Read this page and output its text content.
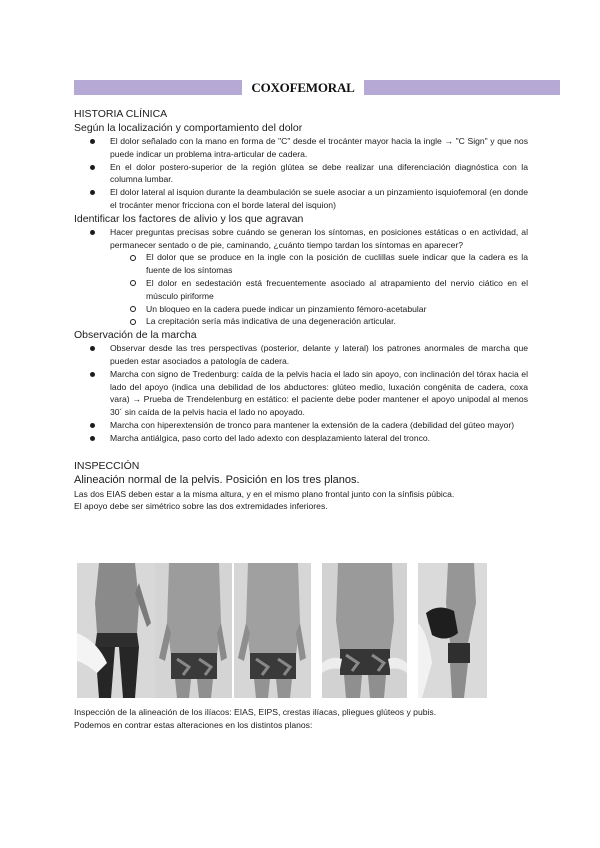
COXOFEMORAL
HISTORIA CLÍNICA
Según la localización y comportamiento del dolor
El dolor señalado con la mano en forma de "C" desde el trocánter mayor hacia la ingle → "C Sign" y que nos puede indicar un problema intra-articular de cadera.
En el dolor postero-superior de la región glútea se debe realizar una diferenciación diagnóstica con la columna lumbar.
El dolor lateral al isquion durante la deambulación se suele asociar a un pinzamiento isquiofemoral (en donde el trocánter menor fricciona con el borde lateral del isquion)
Identificar los factores de alivio y los que agravan
Hacer preguntas precisas sobre cuándo se generan los síntomas, en posiciones estáticas o en actividad, al permanecer sentado o de pie, caminando, ¿cuánto tiempo tardan los síntomas en aparecer?
El dolor que se produce en la ingle con la posición de cuclillas suele indicar que la cadera es la fuente de los síntomas
El dolor en sedestación está frecuentemente asociado al atrapamiento del nervio ciático en el músculo piriforme
Un bloqueo en la cadera puede indicar un pinzamiento fémoro-acetabular
La crepitación sería más indicativa de una degeneración articular.
Observación de la marcha
Observar desde las tres perspectivas (posterior, delante y lateral) los patrones anormales de marcha que pueden estar asociados a patología de cadera.
Marcha con signo de Tredenburg: caída de la pelvis hacia el lado sin apoyo, con inclinación del tórax hacia el lado del apoyo (indica una debilidad de los abductores: glúteo medio, luxación congénita de cadera, coxa vara) → Prueba de Trendelenburg en estático: el paciente debe poder mantener el apoyo unipodal al menos 30´ sin caída de la pelvis hacia el lado no apoyado.
Marcha con hiperextensión de tronco para mantener la extensión de la cadera (debilidad del gúteo mayor)
Marcha antiálgica, paso corto del lado adexto con desplazamiento lateral del tronco.
INSPECCIÓN
Alineación normal de la pelvis. Posición en los tres planos.
Las dos EIAS deben estar a la misma altura, y en el mismo plano frontal junto con la sínfisis púbica.
El apoyo debe ser simétrico sobre las dos extremidades inferiores.
Inspección de la alineación de los ilíacos: EIAS, EIPS, crestas ilíacas, pliegues glúteos y pubis.
Podemos en contrar estas alteraciones en los distintos planos:
